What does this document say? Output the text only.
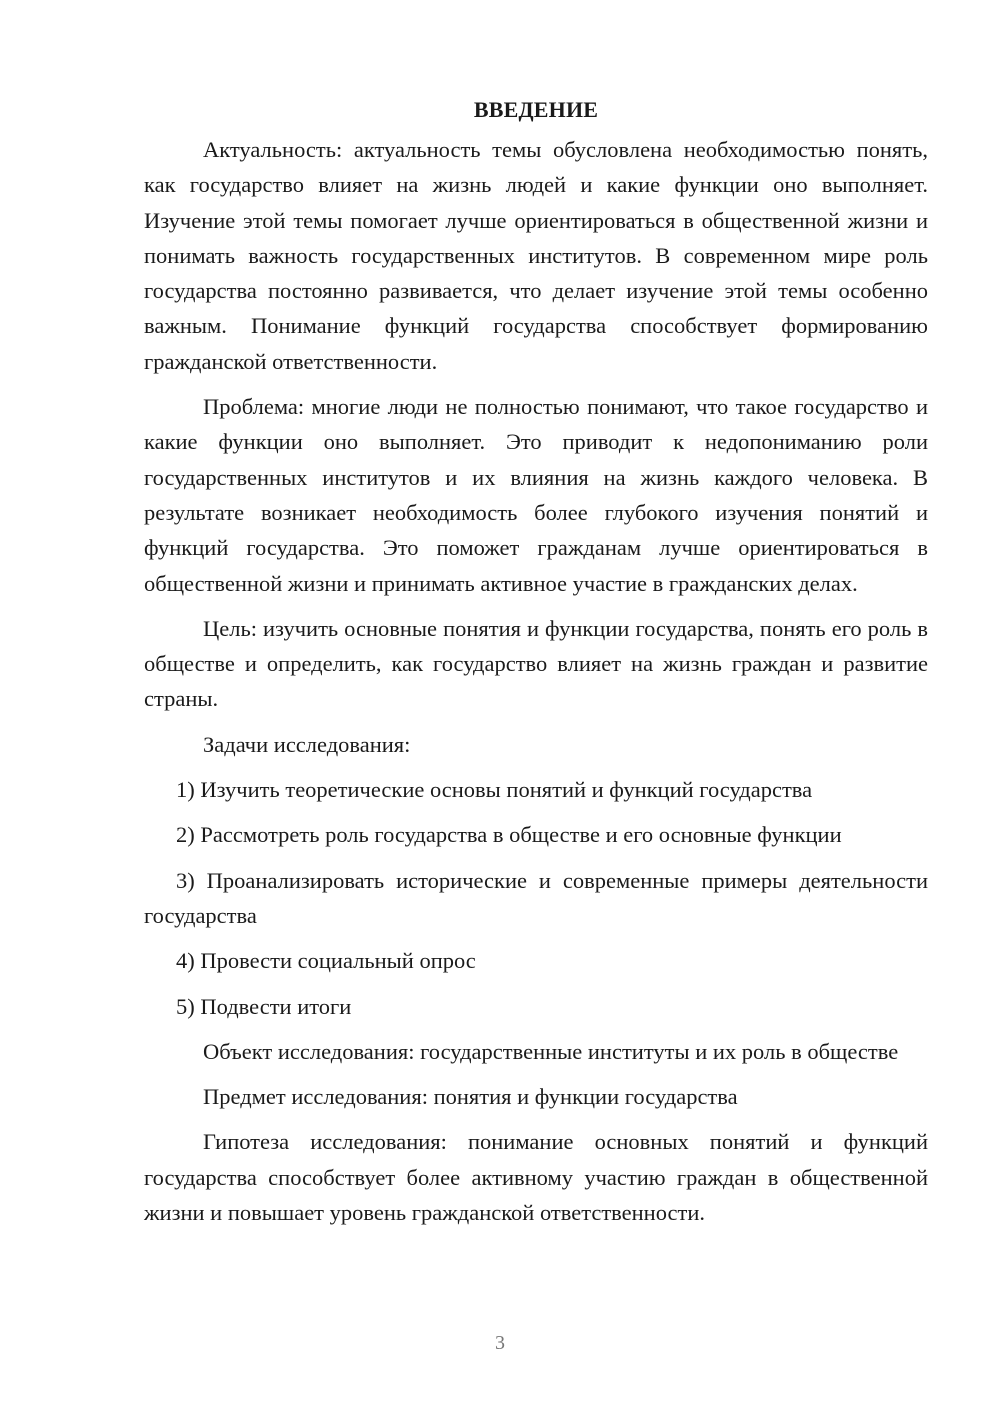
ВВЕДЕНИЕ

Актуальность: актуальность темы обусловлена необходимостью понять, как государство влияет на жизнь людей и какие функции оно выполняет. Изучение этой темы помогает лучше ориентироваться в общественной жизни и понимать важность государственных институтов. В современном мире роль государства постоянно развивается, что делает изучение этой темы особенно важным. Понимание функций государства способствует формированию гражданской ответственности.

Проблема: многие люди не полностью понимают, что такое государство и какие функции оно выполняет. Это приводит к недопониманию роли государственных институтов и их влияния на жизнь каждого человека. В результате возникает необходимость более глубокого изучения понятий и функций государства. Это поможет гражданам лучше ориентироваться в общественной жизни и принимать активное участие в гражданских делах.

Цель: изучить основные понятия и функции государства, понять его роль в обществе и определить, как государство влияет на жизнь граждан и развитие страны.

Задачи исследования:

1) Изучить теоретические основы понятий и функций государства

2) Рассмотреть роль государства в обществе и его основные функции

3) Проанализировать исторические и современные примеры деятельности государства

4) Провести социальный опрос

5) Подвести итоги

Объект исследования: государственные институты и их роль в обществе

Предмет исследования: понятия и функции государства

Гипотеза исследования: понимание основных понятий и функций государства способствует более активному участию граждан в общественной жизни и повышает уровень гражданской ответственности.

3
